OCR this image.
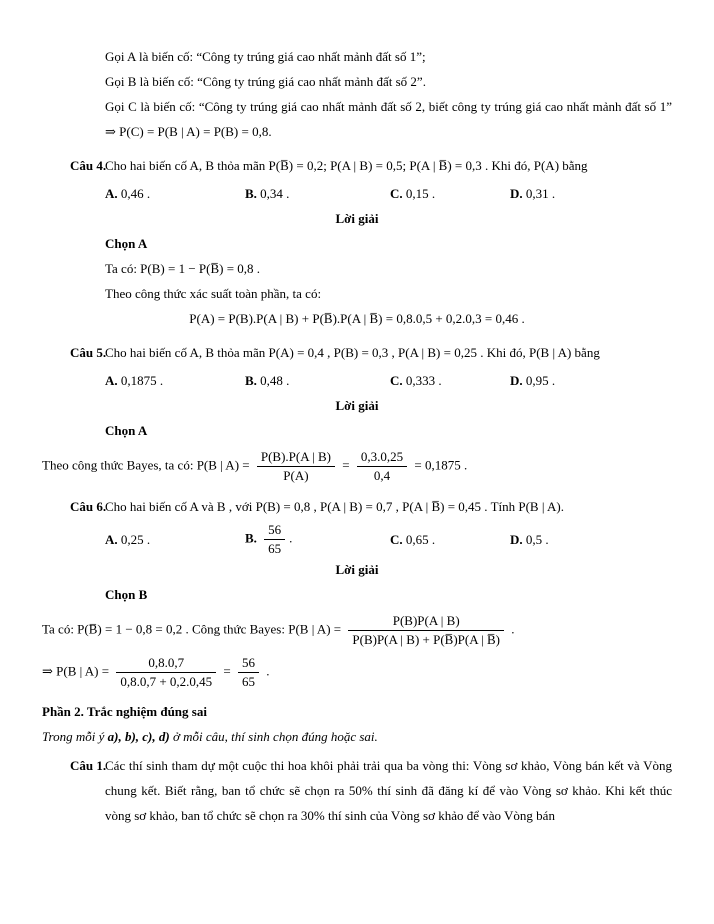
Gọi A là biến cố: “Công ty trúng giá cao nhất mảnh đất số 1”;

Gọi B là biến cố: “Công ty trúng giá cao nhất mảnh đất số 2”.

Gọi C là biến cố: “Công ty trúng giá cao nhất mảnh đất số 2, biết công ty trúng giá cao nhất mảnh đất số 1” ⇒ P(C) = P(B | A) = P(B) = 0,8.

Câu 4.
Cho hai biến cố A, B thỏa mãn P(B̅) = 0,2; P(A | B) = 0,5; P(A | B̅) = 0,3 . Khi đó, P(A) bằng
A. 0,46 .	B. 0,34 .	C. 0,15 .	D. 0,31 .

Lời giải

Chọn A

Ta có: P(B) = 1 − P(B̅) = 0,8 .

Theo công thức xác suất toàn phần, ta có:

P(A) = P(B).P(A | B) + P(B̅).P(A | B̅) = 0,8.0,5 + 0,2.0,3 = 0,46 .

Câu 5.
Cho hai biến cố A, B thỏa mãn P(A) = 0,4 , P(B) = 0,3 , P(A | B) = 0,25 . Khi đó, P(B | A) bằng
A. 0,1875 .	B. 0,48 .	C. 0,333 .	D. 0,95 .

Lời giải

Chọn A

Theo công thức Bayes, ta có: P(B | $A) = \frac{P(B).P(A | B)}{P(A)} = \frac{0,3.0,25}{0,4} = 0,1875$ .
Câu 6.
Cho hai biến cố A và B , với P(B) = 0,8 , P(A | B) = 0,7 , P(A | B̅) = 0,45 . Tính P(B | A).
A. 0,25 .	B. $\frac{56}{65}$ .	C. 0,65 .	D. 0,5 .

Lời giải

Chọn B

Ta có: P(B̅) = 1 − 0,8 = 0,2 . Công thức Bayes: P(B | $A) = \frac{P(B)P(A | B)}{P(B)P(A | B) + P(B̅)P(A | B̅)}$ .
⇒ P(B | $A) = \frac{0,8.0,7}{0,8.0,7 + 0,2.0,45} = \frac{56}{65}$ .

Phần 2. Trắc nghiệm đúng sai

Trong mỗi ý a), b), c), d) ở mỗi câu, thí sinh chọn đúng hoặc sai.

Câu 1.
Các thí sinh tham dự một cuộc thi hoa khôi phải trải qua ba vòng thi: Vòng sơ khảo, Vòng bán kết và Vòng chung kết. Biết rằng, ban tổ chức sẽ chọn ra 50% thí sinh đã đăng kí để vào Vòng sơ khảo. Khi kết thúc vòng sơ khảo, ban tổ chức sẽ chọn ra 30% thí sinh của Vòng sơ khảo để vào Vòng bán
